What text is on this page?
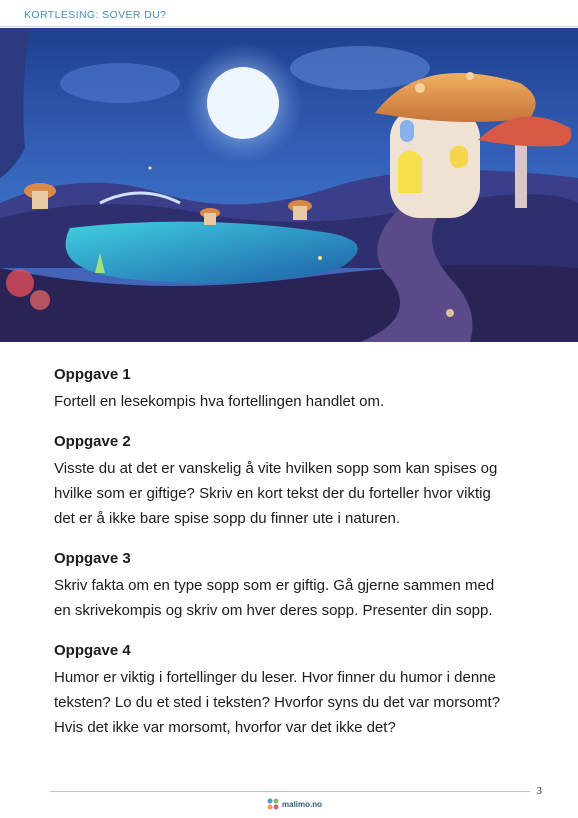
KORTLESING: SOVER DU?

Oppgave 1

Fortell en lesekompis hva fortellingen handlet om.

Oppgave 2

Visste du at det er vanskelig å vite hvilken sopp som kan spises og
hvilke som er giftige? Skriv en kort tekst der du forteller hvor viktig
det er å ikke bare spise sopp du finner ute i naturen.

Oppgave 3

Skriv fakta om en type sopp som er giftig. Gå gjerne sammen med
en skrivekompis og skriv om hver deres sopp. Presenter din sopp.

Oppgave 4

Humor er viktig i fortellinger du leser. Hvor finner du humor i denne
teksten? Lo du et sted i teksten? Hvorfor syns du det var morsomt?
Hvis det ikke var morsomt, hvorfor var det ikke det?

3
malimo.no
